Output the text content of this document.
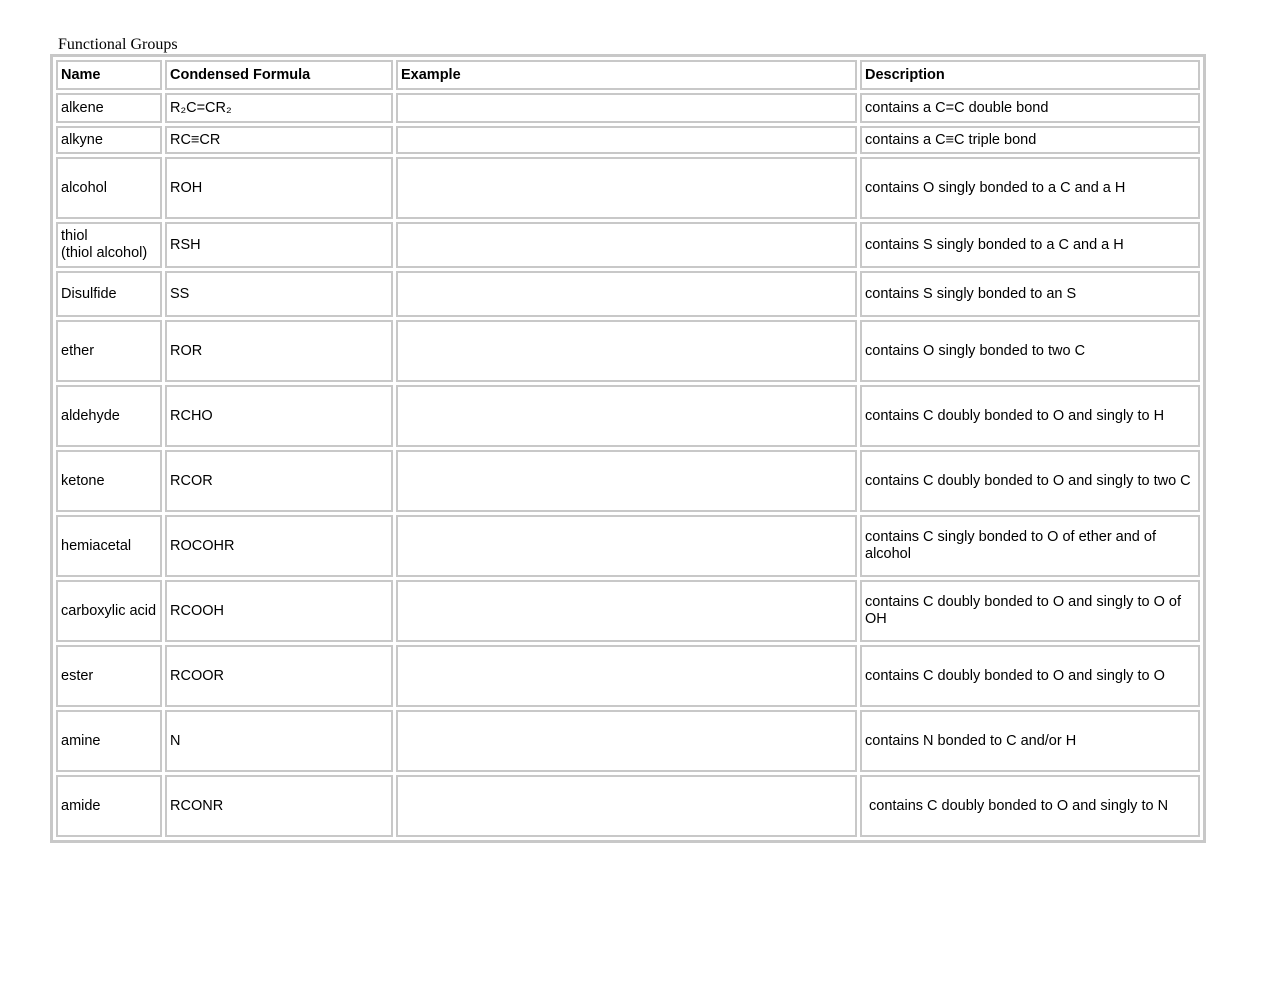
Functional Groups
Name	Condensed Formula	Example	Description
alkene	R₂C=CR₂		contains a C=C double bond
alkyne	RC≡CR		contains a C≡C triple bond
alcohol	ROH		contains O singly bonded to a C and a H
thiol
(thiol alcohol)	RSH		contains S singly bonded to a C and a H
Disulfide	SS		contains S singly bonded to an S
ether	ROR		contains O singly bonded to two C
aldehyde	RCHO		contains C doubly bonded to O and singly to H
ketone	RCOR		contains C doubly bonded to O and singly to two C
hemiacetal	ROCOHR		contains C singly bonded to O of ether and of alcohol
carboxylic acid	RCOOH		contains C doubly bonded to O and singly to O of OH
ester	RCOOR		contains C doubly bonded to O and singly to O
amine	N		contains N bonded to C and/or H
amide	RCONR		contains C doubly bonded to O and singly to N
